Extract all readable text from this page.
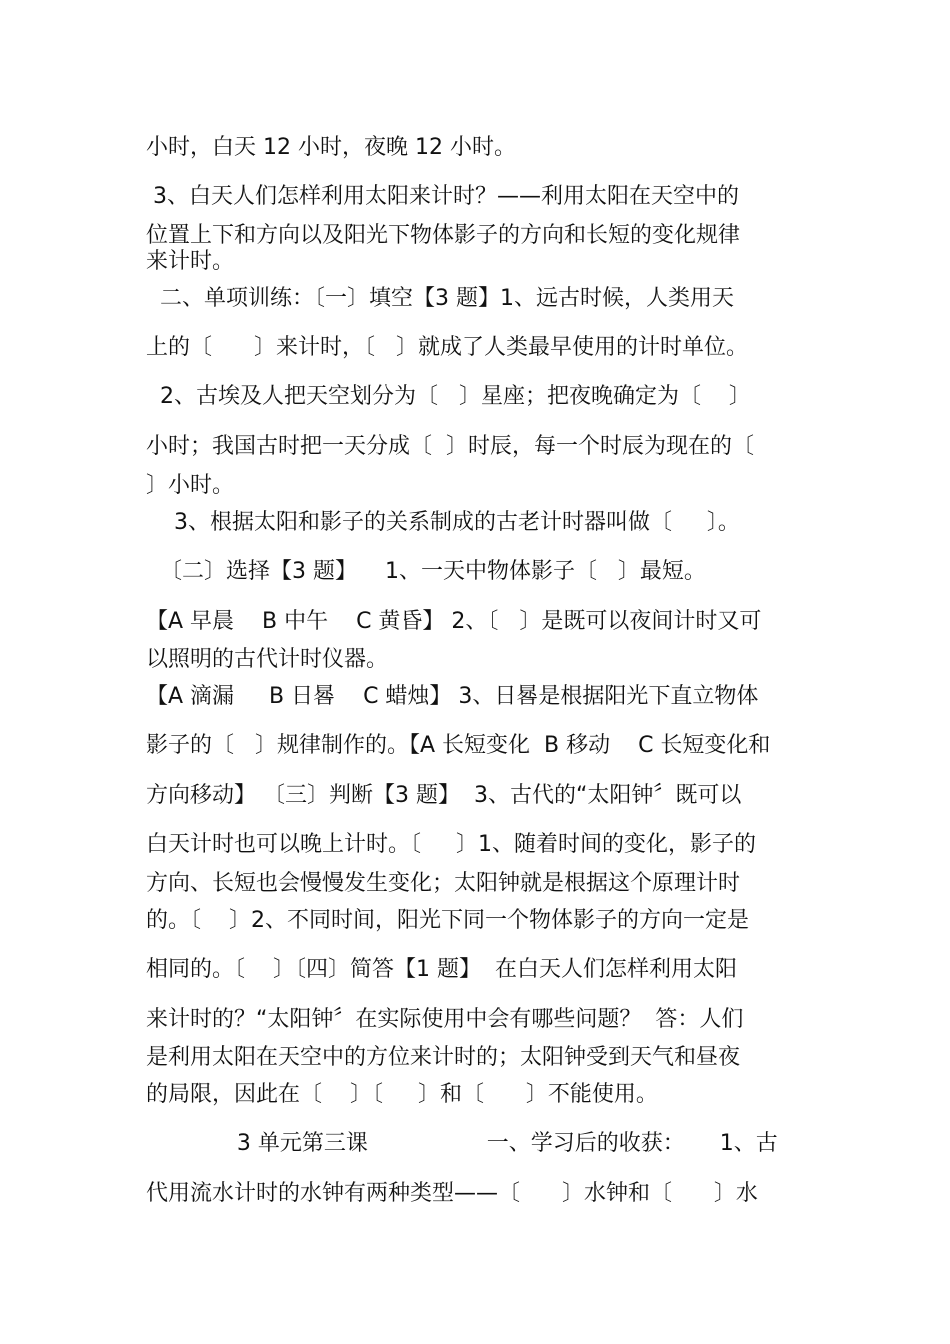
小时，白天 12 小时，夜晚 12 小时。
3、白天人们怎样利用太阳来计时？——利用太阳在天空中的
位置上下和方向以及阳光下物体影子的方向和长短的变化规律
来计时。
二、单项训练：〔一〕填空【3 题】1、远古时候，人类用天
上的〔      〕来计时，〔   〕就成了人类最早使用的计时单位。
2、古埃及人把天空划分为〔   〕星座；把夜晚确定为〔    〕
小时；我国古时把一天分成〔  〕时辰，每一个时辰为现在的〔
〕小时。
3、根据太阳和影子的关系制成的古老计时器叫做〔     〕。
〔二〕选择【3 题】    1、一天中物体影子〔   〕最短。
【A 早晨    B 中午    C 黄昏】 2、〔   〕是既可以夜间计时又可
以照明的古代计时仪器。
【A 滴漏     B 日晷    C 蜡烛】 3、日晷是根据阳光下直立物体
影子的〔   〕规律制作的。【A 长短变化  B 移动    C 长短变化和
方向移动】 〔三〕判断【3 题】  3、古代的“太阳钟〞既可以
白天计时也可以晚上计时。〔     〕1、随着时间的变化，影子的
方向、长短也会慢慢发生变化；太阳钟就是根据这个原理计时
的。〔    〕2、不同时间，阳光下同一个物体影子的方向一定是
相同的。〔    〕〔四〕简答【1 题】  在白天人们怎样利用太阳
来计时的？“太阳钟〞在实际使用中会有哪些问题？  答：人们
是利用太阳在天空中的方位来计时的；太阳钟受到天气和昼夜
的局限，因此在〔    〕〔     〕和〔      〕不能使用。
3 单元第三课                 一、学习后的收获：     1、古
代用流水计时的水钟有两种类型——〔      〕水钟和〔      〕水
